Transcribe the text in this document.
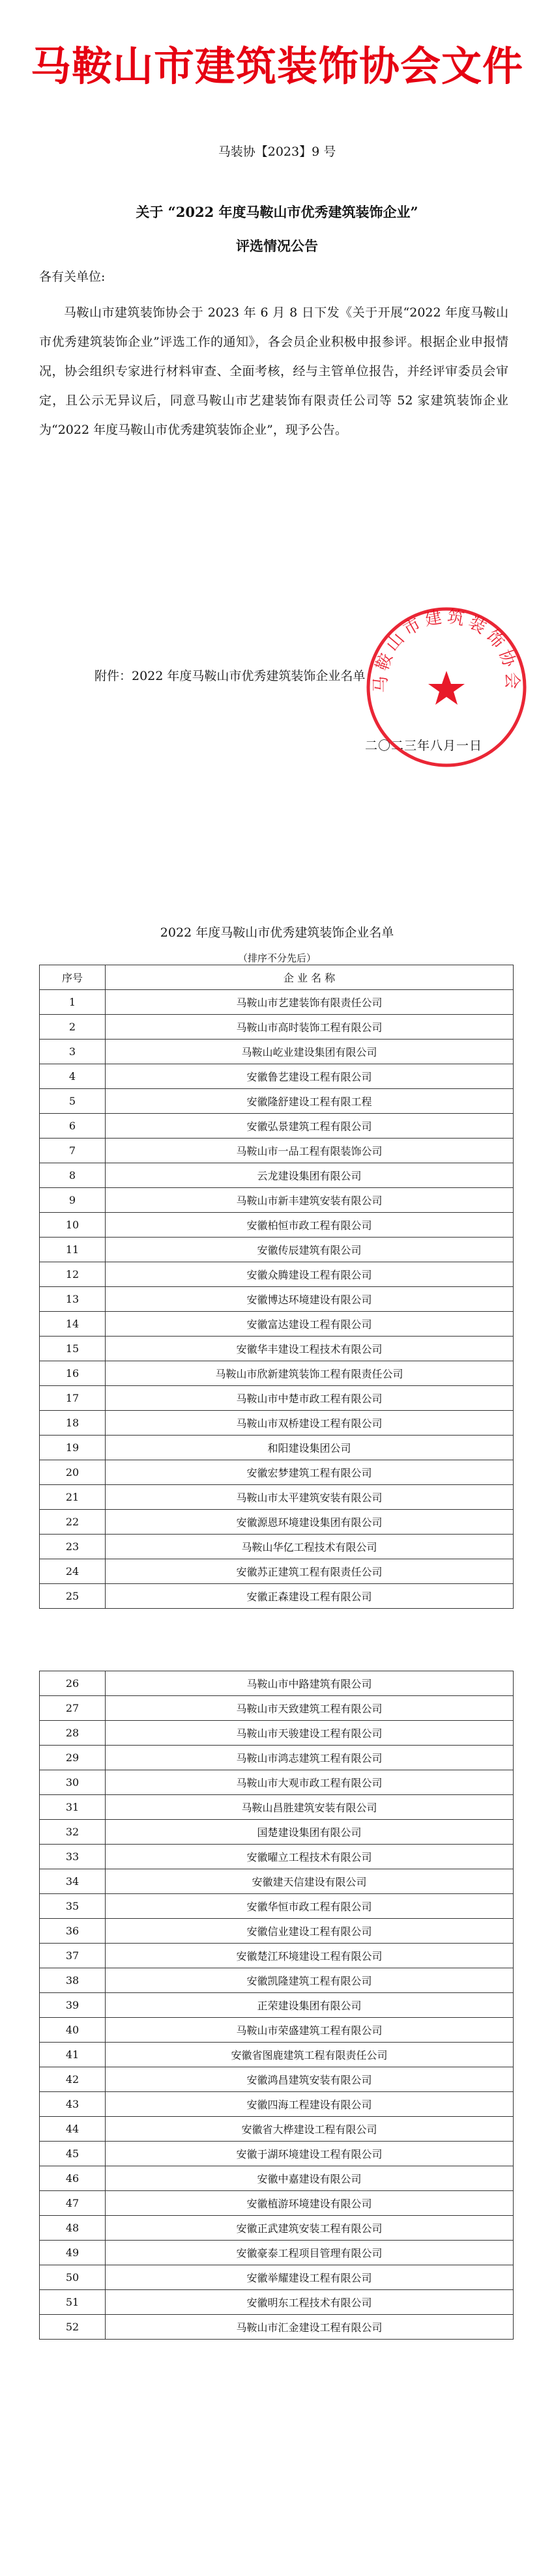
马鞍山市建筑装饰协会文件
马装协【2023】9 号
关于 “2022 年度马鞍山市优秀建筑装饰企业”
评选情况公告
各有关单位:
马鞍山市建筑装饰协会于 2023 年 6 月 8 日下发《关于开展“2022 年度马鞍山市优秀建筑装饰企业”评选工作的通知》，各会员企业积极申报参评。根据企业申报情况，协会组织专家进行材料审查、全面考核，经与主管单位报告，并经评审委员会审定，且公示无异议后，同意马鞍山市艺建装饰有限责任公司等 52 家建筑装饰企业为“2022 年度马鞍山市优秀建筑装饰企业”，现予公告。
附件：2022 年度马鞍山市优秀建筑装饰企业名单
二〇二三年八月一日
马鞍山市建筑装饰协会
2022 年度马鞍山市优秀建筑装饰企业名单
（排序不分先后）
序号	企 业 名 称
1	马鞍山市艺建装饰有限责任公司
2	马鞍山市高时装饰工程有限公司
3	马鞍山屹业建设集团有限公司
4	安徽鲁艺建设工程有限公司
5	安徽隆舒建设工程有限工程
6	安徽弘景建筑工程有限公司
7	马鞍山市一品工程有限装饰公司
8	云龙建设集团有限公司
9	马鞍山市新丰建筑安装有限公司
10	安徽柏恒市政工程有限公司
11	安徽传辰建筑有限公司
12	安徽众腾建设工程有限公司
13	安徽博达环境建设有限公司
14	安徽富达建设工程有限公司
15	安徽华丰建设工程技术有限公司
16	马鞍山市欣新建筑装饰工程有限责任公司
17	马鞍山市中楚市政工程有限公司
18	马鞍山市双桥建设工程有限公司
19	和阳建设集团公司
20	安徽宏梦建筑工程有限公司
21	马鞍山市太平建筑安装有限公司
22	安徽源恩环境建设集团有限公司
23	马鞍山华亿工程技术有限公司
24	安徽苏正建筑工程有限责任公司
25	安徽正森建设工程有限公司
26	马鞍山市中路建筑有限公司
27	马鞍山市天致建筑工程有限公司
28	马鞍山市天骏建设工程有限公司
29	马鞍山市鸿志建筑工程有限公司
30	马鞍山市大观市政工程有限公司
31	马鞍山昌胜建筑安装有限公司
32	国楚建设集团有限公司
33	安徽曜立工程技术有限公司
34	安徽建天信建设有限公司
35	安徽华恒市政工程有限公司
36	安徽信业建设工程有限公司
37	安徽楚江环境建设工程有限公司
38	安徽凯隆建筑工程有限公司
39	正荣建设集团有限公司
40	马鞍山市荣盛建筑工程有限公司
41	安徽省图鹿建筑工程有限责任公司
42	安徽鸿昌建筑安装有限公司
43	安徽四海工程建设有限公司
44	安徽省大桦建设工程有限公司
45	安徽于湖环境建设工程有限公司
46	安徽中嘉建设有限公司
47	安徽植游环境建设有限公司
48	安徽正武建筑安装工程有限公司
49	安徽豪泰工程项目管理有限公司
50	安徽举耀建设工程有限公司
51	安徽明东工程技术有限公司
52	马鞍山市汇金建设工程有限公司
